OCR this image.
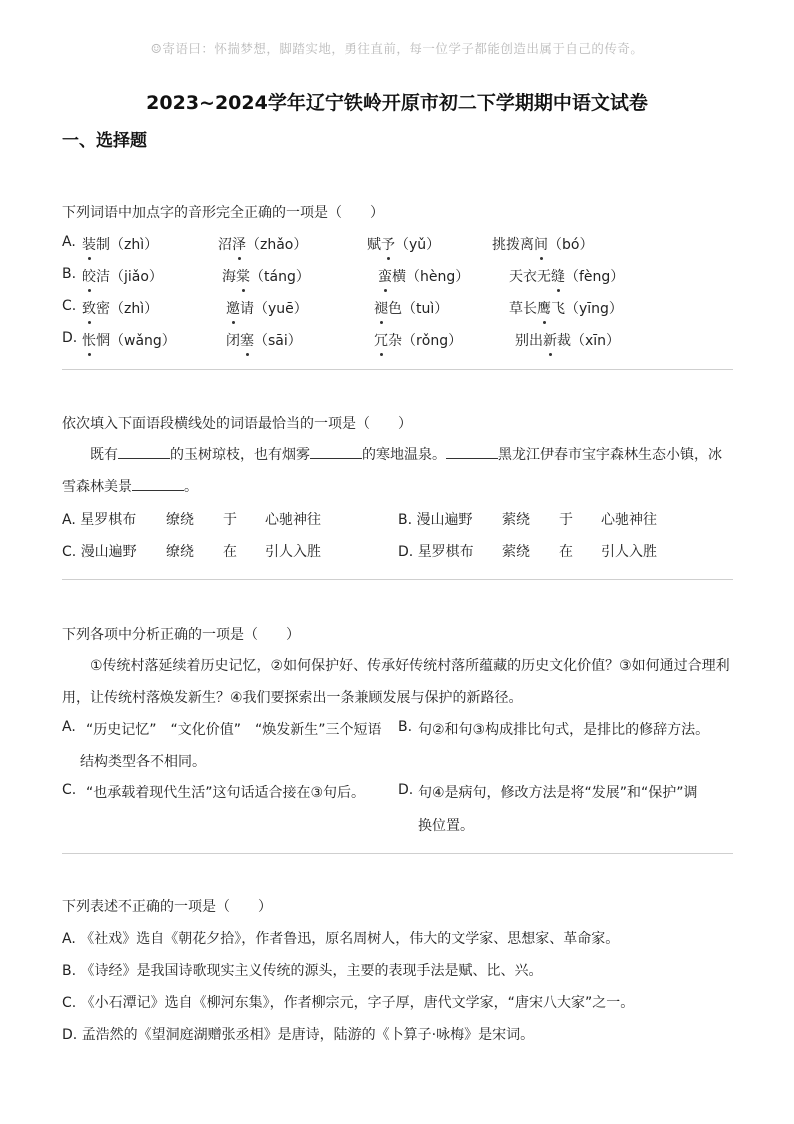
☺寄语曰：怀揣梦想，脚踏实地，勇往直前，每一位学子都能创造出属于自己的传奇。
2023~2024学年辽宁铁岭开原市初二下学期期中语文试卷
一、选择题
下列词语中加点字的音形完全正确的一项是（　　）
A. 装制（zhì）	沼泽（zhǎo）	赋予（yǔ）	挑拨离间（bó）
B. 皎洁（jiǎo）	海棠（táng）	蛮横（hèng）	天衣无缝（fèng）
C. 致密（zhì）	邀请（yuē）	褪色（tuì）	草长鹰飞（yīng）
D. 怅惘（wǎng）	闭塞（sāi）	冗杂（rǒng）	别出新裁（xīn）
依次填入下面语段横线处的词语最恰当的一项是（　　）
既有	的玉树琼枝，也有烟雾	的寒地温泉。	黑龙江伊春市宝宇森林生态小镇，冰
雪森林美景	。
A. 星罗棋布 缭绕 于 心驰神往	B. 漫山遍野 萦绕 于 心驰神往
C. 漫山遍野 缭绕 在 引人入胜	D. 星罗棋布 萦绕 在 引人入胜
下列各项中分析正确的一项是（　　）
①传统村落延续着历史记忆，②如何保护好、传承好传统村落所蕴藏的历史文化价值？③如何通过合理利
用，让传统村落焕发新生？④我们要探索出一条兼顾发展与保护的新路径。
A. “历史记忆”　“文化价值”　“焕发新生”三个短语
结构类型各不相同。
B. 句②和句③构成排比句式，是排比的修辞方法。
C. “也承载着现代生活”这句话适合接在③句后。 D. 句④是病句，修改方法是将“发展”和“保护”调
换位置。
下列表述不正确的一项是（　　）
A. 《社戏》选自《朝花夕拾》，作者鲁迅，原名周树人，伟大的文学家、思想家、革命家。
B. 《诗经》是我国诗歌现实主义传统的源头，主要的表现手法是赋、比、兴。
C. 《小石潭记》选自《柳河东集》，作者柳宗元，字子厚，唐代文学家，“唐宋八大家”之一。
D. 孟浩然的《望洞庭湖赠张丞相》是唐诗，陆游的《卜算子·咏梅》是宋词。
